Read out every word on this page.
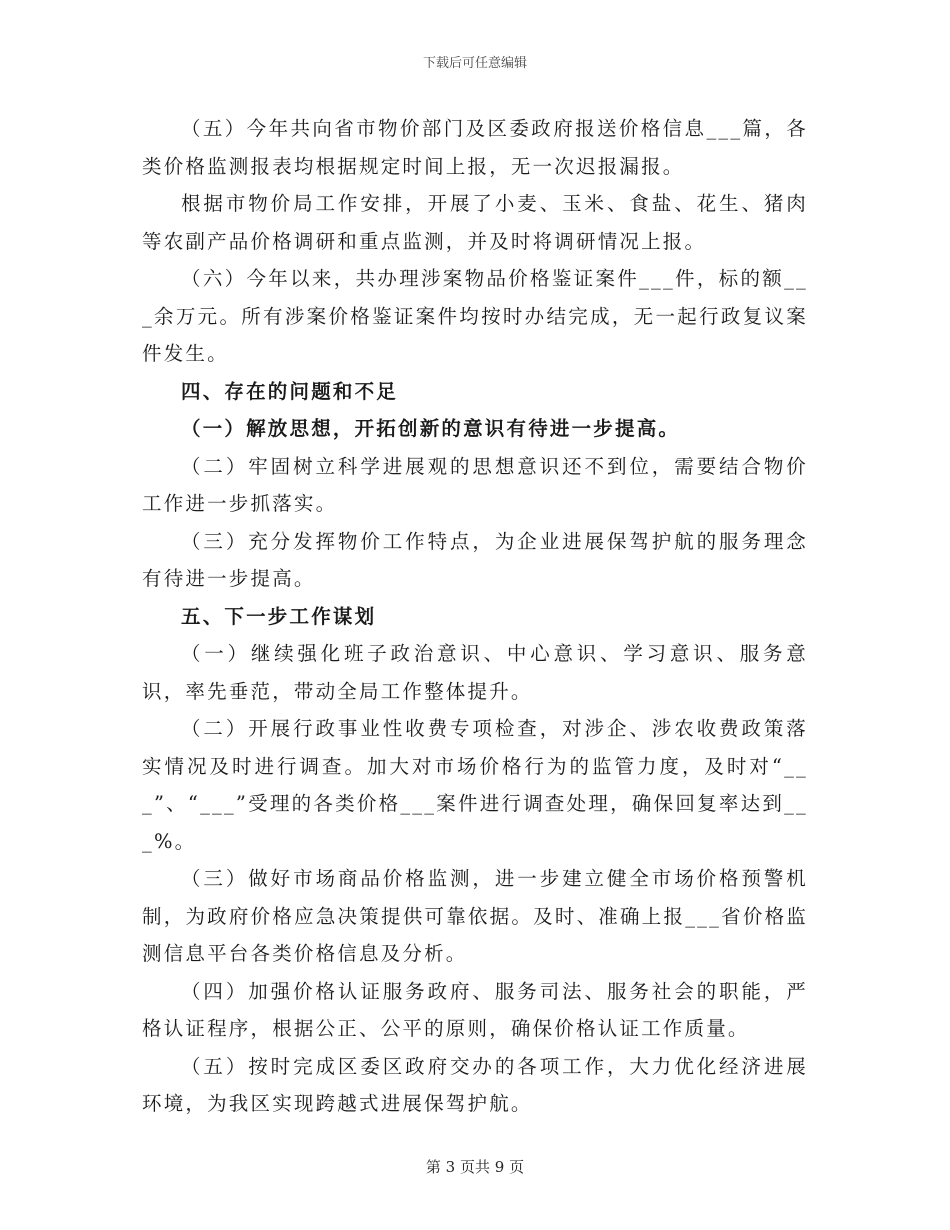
下载后可任意编辑

（五）今年共向省市物价部门及区委政府报送价格信息___篇，各类价格监测报表均根据规定时间上报，无一次迟报漏报。

根据市物价局工作安排，开展了小麦、玉米、食盐、花生、猪肉等农副产品价格调研和重点监测，并及时将调研情况上报。

（六）今年以来，共办理涉案物品价格鉴证案件___件，标的额___余万元。所有涉案价格鉴证案件均按时办结完成，无一起行政复议案件发生。

四、存在的问题和不足

（一）解放思想，开拓创新的意识有待进一步提高。

（二）牢固树立科学进展观的思想意识还不到位，需要结合物价工作进一步抓落实。

（三）充分发挥物价工作特点，为企业进展保驾护航的服务理念有待进一步提高。

五、下一步工作谋划

（一）继续强化班子政治意识、中心意识、学习意识、服务意识，率先垂范，带动全局工作整体提升。

（二）开展行政事业性收费专项检查，对涉企、涉农收费政策落实情况及时进行调查。加大对市场价格行为的监管力度，及时对“___”、“___”受理的各类价格___案件进行调查处理，确保回复率达到___%。

（三）做好市场商品价格监测，进一步建立健全市场价格预警机制，为政府价格应急决策提供可靠依据。及时、准确上报___省价格监测信息平台各类价格信息及分析。

（四）加强价格认证服务政府、服务司法、服务社会的职能，严格认证程序，根据公正、公平的原则，确保价格认证工作质量。

（五）按时完成区委区政府交办的各项工作，大力优化经济进展环境，为我区实现跨越式进展保驾护航。

第 3 页共 9 页
